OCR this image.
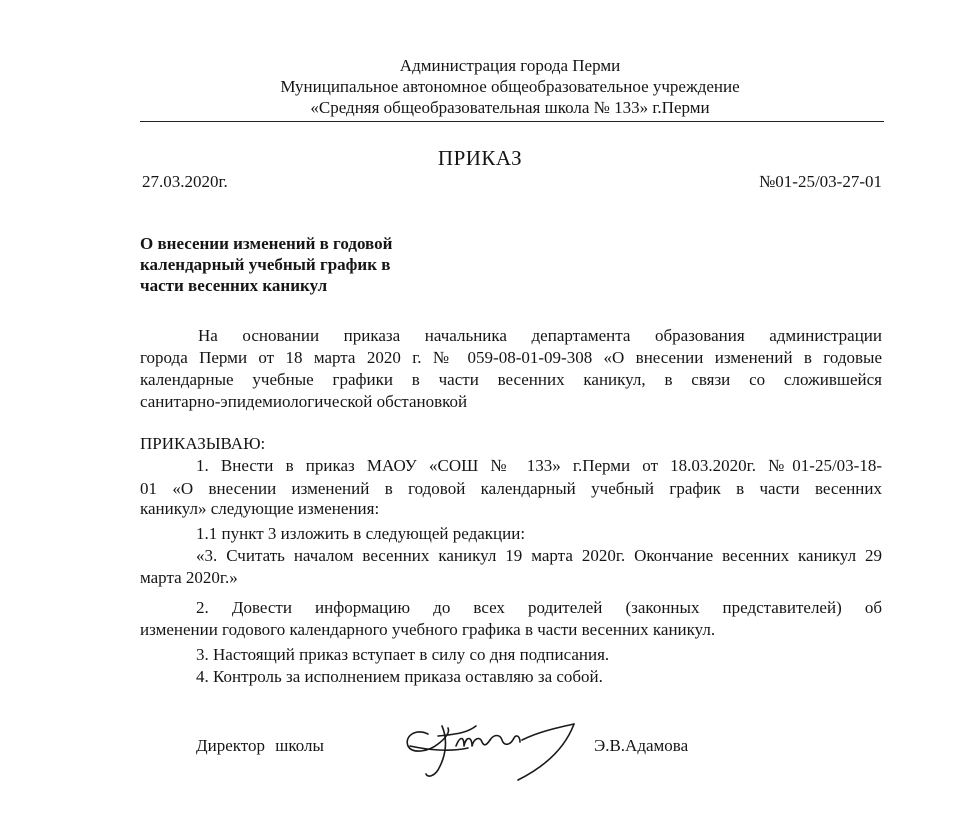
Администрация города Перми
Муниципальное автономное общеобразовательное учреждение
«Средняя общеобразовательная школа № 133» г.Перми
ПРИКАЗ
27.03.2020г.	№01-25/03-27-01
О внесении изменений в годовой
календарный учебный график в
части весенних каникул
На основании приказа начальника департамента образования администрации
города Перми от 18 марта 2020 г. № 059-08-01-09-308 «О внесении изменений в годовые
календарные учебные графики в части весенних каникул, в связи со сложившейся
санитарно-эпидемиологической обстановкой
ПРИКАЗЫВАЮ:
1. Внести в приказ МАОУ «СОШ № 133» г.Перми от 18.03.2020г. №01-25/03-18-
01 «О внесении изменений в годовой календарный учебный график в части весенних
каникул» следующие изменения:
1.1 пункт 3 изложить в следующей редакции:
«3. Считать началом весенних каникул 19 марта 2020г. Окончание весенних каникул 29
марта 2020г.»
2. Довести информацию до всех родителей (законных представителей) об
изменении годового календарного учебного графика в части весенних каникул.
3. Настоящий приказ вступает в силу со дня подписания.
4. Контроль за исполнением приказа оставляю за собой.
Директор школы	Э.В.Адамова
